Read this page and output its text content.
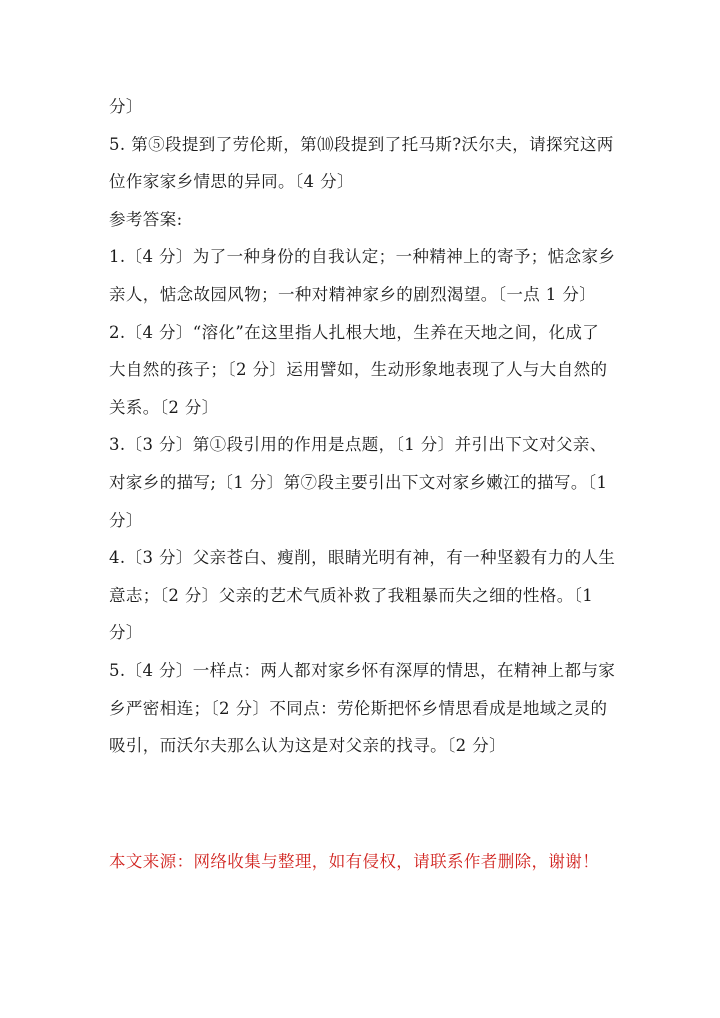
分〕
5. 第⑤段提到了劳伦斯，第⑽段提到了托马斯?沃尔夫，请探究这两
位作家家乡情思的异同。〔4 分〕
参考答案:
1.〔4 分〕为了一种身份的自我认定；一种精神上的寄予；惦念家乡
亲人，惦念故园风物；一种对精神家乡的剧烈渴望。〔一点 1 分〕
2.〔4 分〕“溶化”在这里指人扎根大地，生养在天地之间，化成了
大自然的孩子；〔2 分〕运用譬如，生动形象地表现了人与大自然的
关系。〔2 分〕
3.〔3 分〕第①段引用的作用是点题，〔1 分〕并引出下文对父亲、
对家乡的描写;〔1 分〕第⑦段主要引出下文对家乡嫩江的描写。〔1
分〕
4.〔3 分〕父亲苍白、瘦削，眼睛光明有神，有一种坚毅有力的人生
意志；〔2 分〕父亲的艺术气质补救了我粗暴而失之细的性格。〔1
分〕
5.〔4 分〕一样点：两人都对家乡怀有深厚的情思，在精神上都与家
乡严密相连；〔2 分〕不同点：劳伦斯把怀乡情思看成是地域之灵的
吸引，而沃尔夫那么认为这是对父亲的找寻。〔2 分〕
本文来源：网络收集与整理，如有侵权，请联系作者删除，谢谢！
